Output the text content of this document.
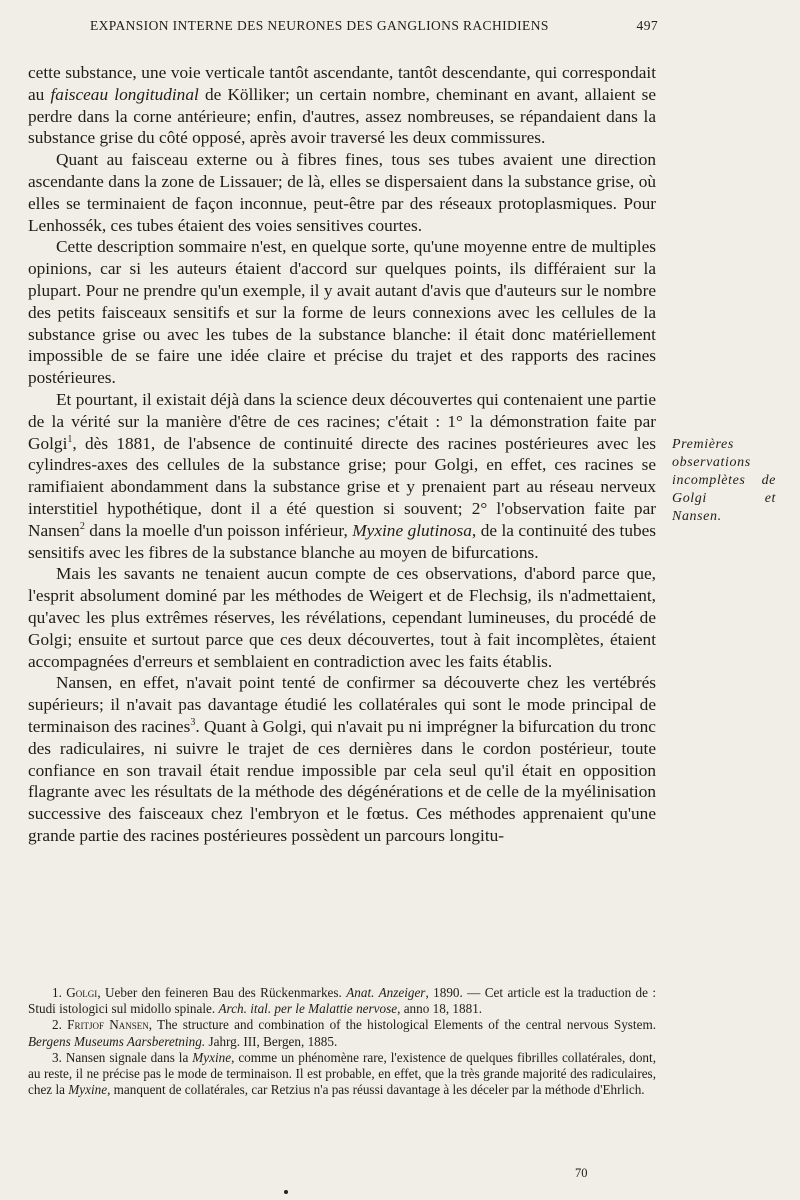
EXPANSION INTERNE DES NEURONES DES GANGLIONS RACHIDIENS	497

cette substance, une voie verticale tantôt ascendante, tantôt descendante, qui correspondait au faisceau longitudinal de Kölliker; un certain nombre, cheminant en avant, allaient se perdre dans la corne antérieure; enfin, d'autres, assez nombreuses, se répandaient dans la substance grise du côté opposé, après avoir traversé les deux commissures.

Quant au faisceau externe ou à fibres fines, tous ses tubes avaient une direction ascendante dans la zone de Lissauer; de là, elles se dispersaient dans la substance grise, où elles se terminaient de façon inconnue, peut-être par des réseaux protoplasmiques. Pour Lenhossék, ces tubes étaient des voies sensitives courtes.

Cette description sommaire n'est, en quelque sorte, qu'une moyenne entre de multiples opinions, car si les auteurs étaient d'accord sur quelques points, ils différaient sur la plupart. Pour ne prendre qu'un exemple, il y avait autant d'avis que d'auteurs sur le nombre des petits faisceaux sensitifs et sur la forme de leurs connexions avec les cellules de la substance grise ou avec les tubes de la substance blanche: il était donc matériellement impossible de se faire une idée claire et précise du trajet et des rapports des racines postérieures.

Et pourtant, il existait déjà dans la science deux découvertes qui contenaient une partie de la vérité sur la manière d'être de ces racines; c'était : 1° la démonstration faite par Golgi$^1$, dès 1881, de l'absence de continuité directe des racines postérieures avec les cylindres-axes des cellules de la substance grise; pour Golgi, en effet, ces racines se ramifiaient abondamment dans la substance grise et y prenaient part au réseau nerveux interstitiel hypothétique, dont il a été question si souvent; 2° l'observation faite par Nansen$^2$ dans la moelle d'un poisson inférieur, Myxine glutinosa, de la continuité des tubes sensitifs avec les fibres de la substance blanche au moyen de bifurcations.

Mais les savants ne tenaient aucun compte de ces observations, d'abord parce que, l'esprit absolument dominé par les méthodes de Weigert et de Flechsig, ils n'admettaient, qu'avec les plus extrêmes réserves, les révélations, cependant lumineuses, du procédé de Golgi; ensuite et surtout parce que ces deux découvertes, tout à fait incomplètes, étaient accompagnées d'erreurs et semblaient en contradiction avec les faits établis.

Nansen, en effet, n'avait point tenté de confirmer sa découverte chez les vertébrés supérieurs; il n'avait pas davantage étudié les collatérales qui sont le mode principal de terminaison des racines$^3$. Quant à Golgi, qui n'avait pu ni imprégner la bifurcation du tronc des radiculaires, ni suivre le trajet de ces dernières dans le cordon postérieur, toute confiance en son travail était rendue impossible par cela seul qu'il était en opposition flagrante avec les résultats de la méthode des dégénérations et de celle de la myélinisation successive des faisceaux chez l'embryon et le fœtus. Ces méthodes apprenaient qu'une grande partie des racines postérieures possèdent un parcours longitu-

Premières observations incomplètes de Golgi et Nansen.

1. Golgi, Ueber den feineren Bau des Rückenmarkes. Anat. Anzeiger, 1890. — Cet article est la traduction de : Studi istologici sul midollo spinale. Arch. ital. per le Malattie nervose, anno 18, 1881.

2. Fritjof Nansen, The structure and combination of the histological Elements of the central nervous System. Bergens Museums Aarsberetning. Jahrg. III, Bergen, 1885.

3. Nansen signale dans la Myxine, comme un phénomène rare, l'existence de quelques fibrilles collatérales, dont, au reste, il ne précise pas le mode de terminaison. Il est probable, en effet, que la très grande majorité des radiculaires, chez la Myxine, manquent de collatérales, car Retzius n'a pas réussi davantage à les déceler par la méthode d'Ehrlich.

70
